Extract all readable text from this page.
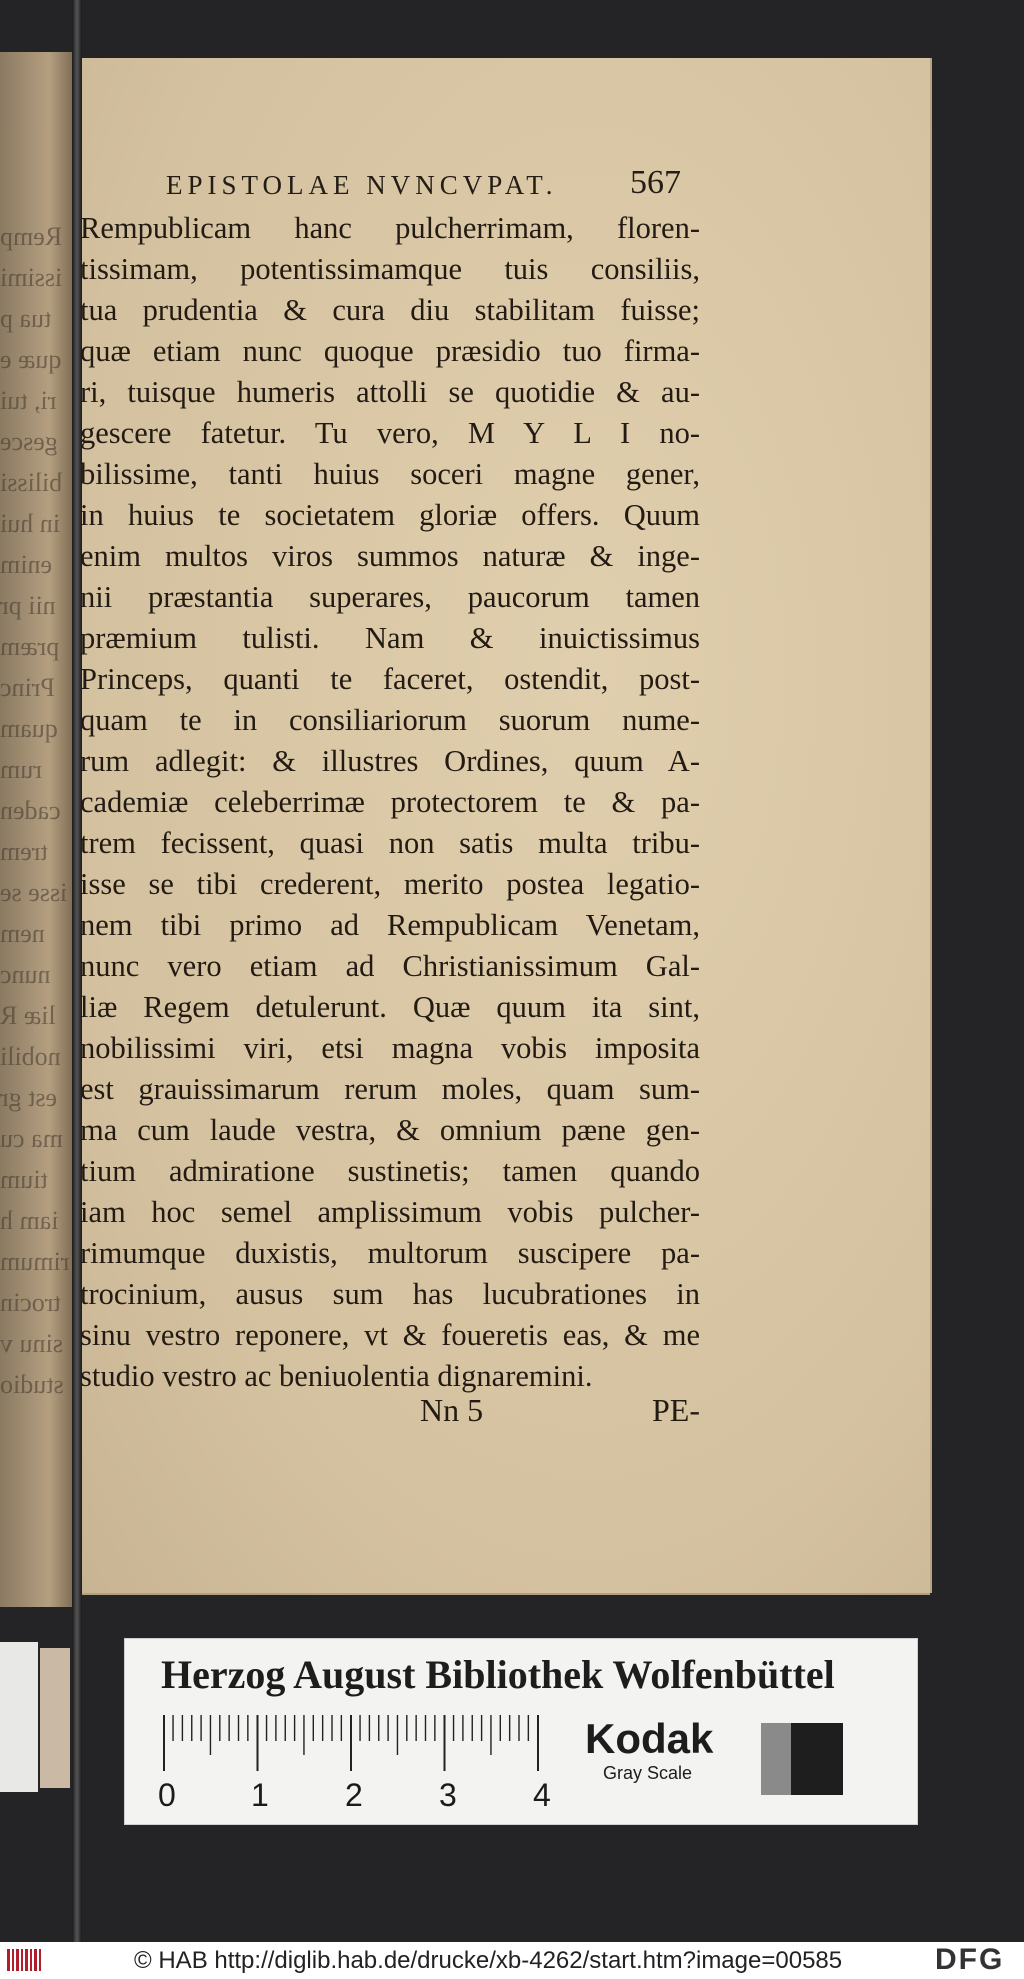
Remp
issimi
tua p
quæ e
ri, tui
gesce
bilissi
in hui
enim
nii pr
præm
Princ
quam
rum
caden
trem
isse se
nem
nunc
liæ R
nobili
est gr
ma cu
tium
iam h
rimum
trocin
sinu v
studio
EPISTOLAE NVNCVPAT. 567
Rempublicam hanc pulcherrimam, floren-
tissimam, potentissimamque tuis consiliis,
tua prudentia & cura diu stabilitam fuisse;
quæ etiam nunc quoque præsidio tuo firma-
ri, tuisque humeris attolli se quotidie & au-
gescere fatetur. Tu vero, M Y L I no-
bilissime, tanti huius soceri magne gener,
in huius te societatem gloriæ offers. Quum
enim multos viros summos naturæ & inge-
nii præstantia superares, paucorum tamen
præmium tulisti. Nam & inuictissimus
Princeps, quanti te faceret, ostendit, post-
quam te in consiliariorum suorum nume-
rum adlegit: & illustres Ordines, quum A-
cademiæ celeberrimæ protectorem te & pa-
trem fecissent, quasi non satis multa tribu-
isse se tibi crederent, merito postea legatio-
nem tibi primo ad Rempublicam Venetam,
nunc vero etiam ad Christianissimum Gal-
liæ Regem detulerunt. Quæ quum ita sint,
nobilissimi viri, etsi magna vobis imposita
est grauissimarum rerum moles, quam sum-
ma cum laude vestra, & omnium pæne gen-
tium admiratione sustinetis; tamen quando
iam hoc semel amplissimum vobis pulcher-
rimumque duxistis, multorum suscipere pa-
trocinium, ausus sum has lucubrationes in
sinu vestro reponere, vt & foueretis eas, & me
studio vestro ac beniuolentia dignaremini.
Nn 5	PE-
Herzog August Bibliothek Wolfenbüttel
0 1 2 3 4
Kodak
Gray Scale
© HAB http://diglib.hab.de/drucke/xb-4262/start.htm?image=00585	DFG
